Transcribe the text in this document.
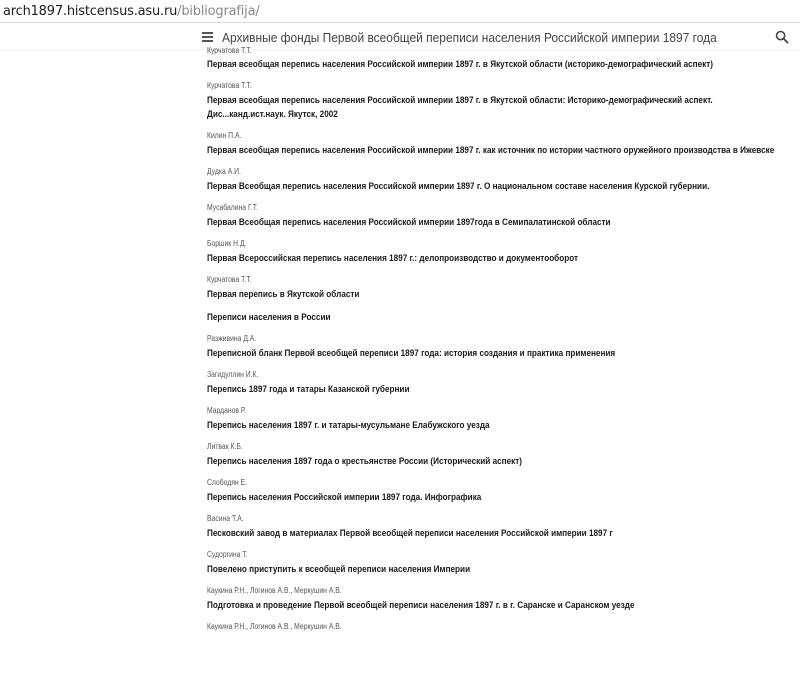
arch1897.histcensus.asu.ru /bibliografija/
Архивные фонды Первой всеобщей переписи населения Российской империи 1897 года
Курчатова Т.Т.
Первая всеобщая перепись населения Российской империи 1897 г. в Якутской области (историко-демографический аспект)
Курчатова Т.Т.
Первая всеобщая перепись населения Российской империи 1897 г. в Якутской области: Историко-демографический аспект. Дис...канд.ист.наук. Якутск, 2002
Килин П.А.
Первая всеобщая перепись населения Российской империи 1897 г. как источник по истории частного оружейного производства в Ижевске
Дудка А.И.
Первая Всеобщая перепись населения Российской империи 1897 г. О национальном составе населения Курской губернии.
Мусабалина Г.Т.
Первая Всеобщая перепись населения Российской империи 1897года в Семипалатинской области
Боршик Н.Д.
Первая Всероссийская перепись населения 1897 г.: делопроизводство и документооборот
Курчатова Т.Т.
Первая перепись в Якутской области
Переписи населения в России
Разживина Д.А.
Переписной бланк Первой всеобщей переписи 1897 года: история создания и практика применения
Загидуллин И.К.
Перепись 1897 года и татары Казанской губернии
Марданов Р.
Перепись населения 1897 г. и татары-мусульмане Елабужского уезда
Литвак К.Б.
Перепись населения 1897 года о крестьянстве России (Исторический аспект)
Слободян Е.
Перепись населения Российской империи 1897 года. Инфографика
Васина Т.А.
Песковский завод в материалах Первой всеобщей переписи населения Российской империи 1897 г
Судоргина Т.
Повелено приступить к всеобщей переписи населения Империи
Каукина Р.Н., Логинов А.В., Меркушин А.В.
Подготовка и проведение Первой всеобщей переписи населения 1897 г. в г. Саранске и Саранском уезде
Каукина Р.Н., Логинов А.В., Меркушин А.В.
